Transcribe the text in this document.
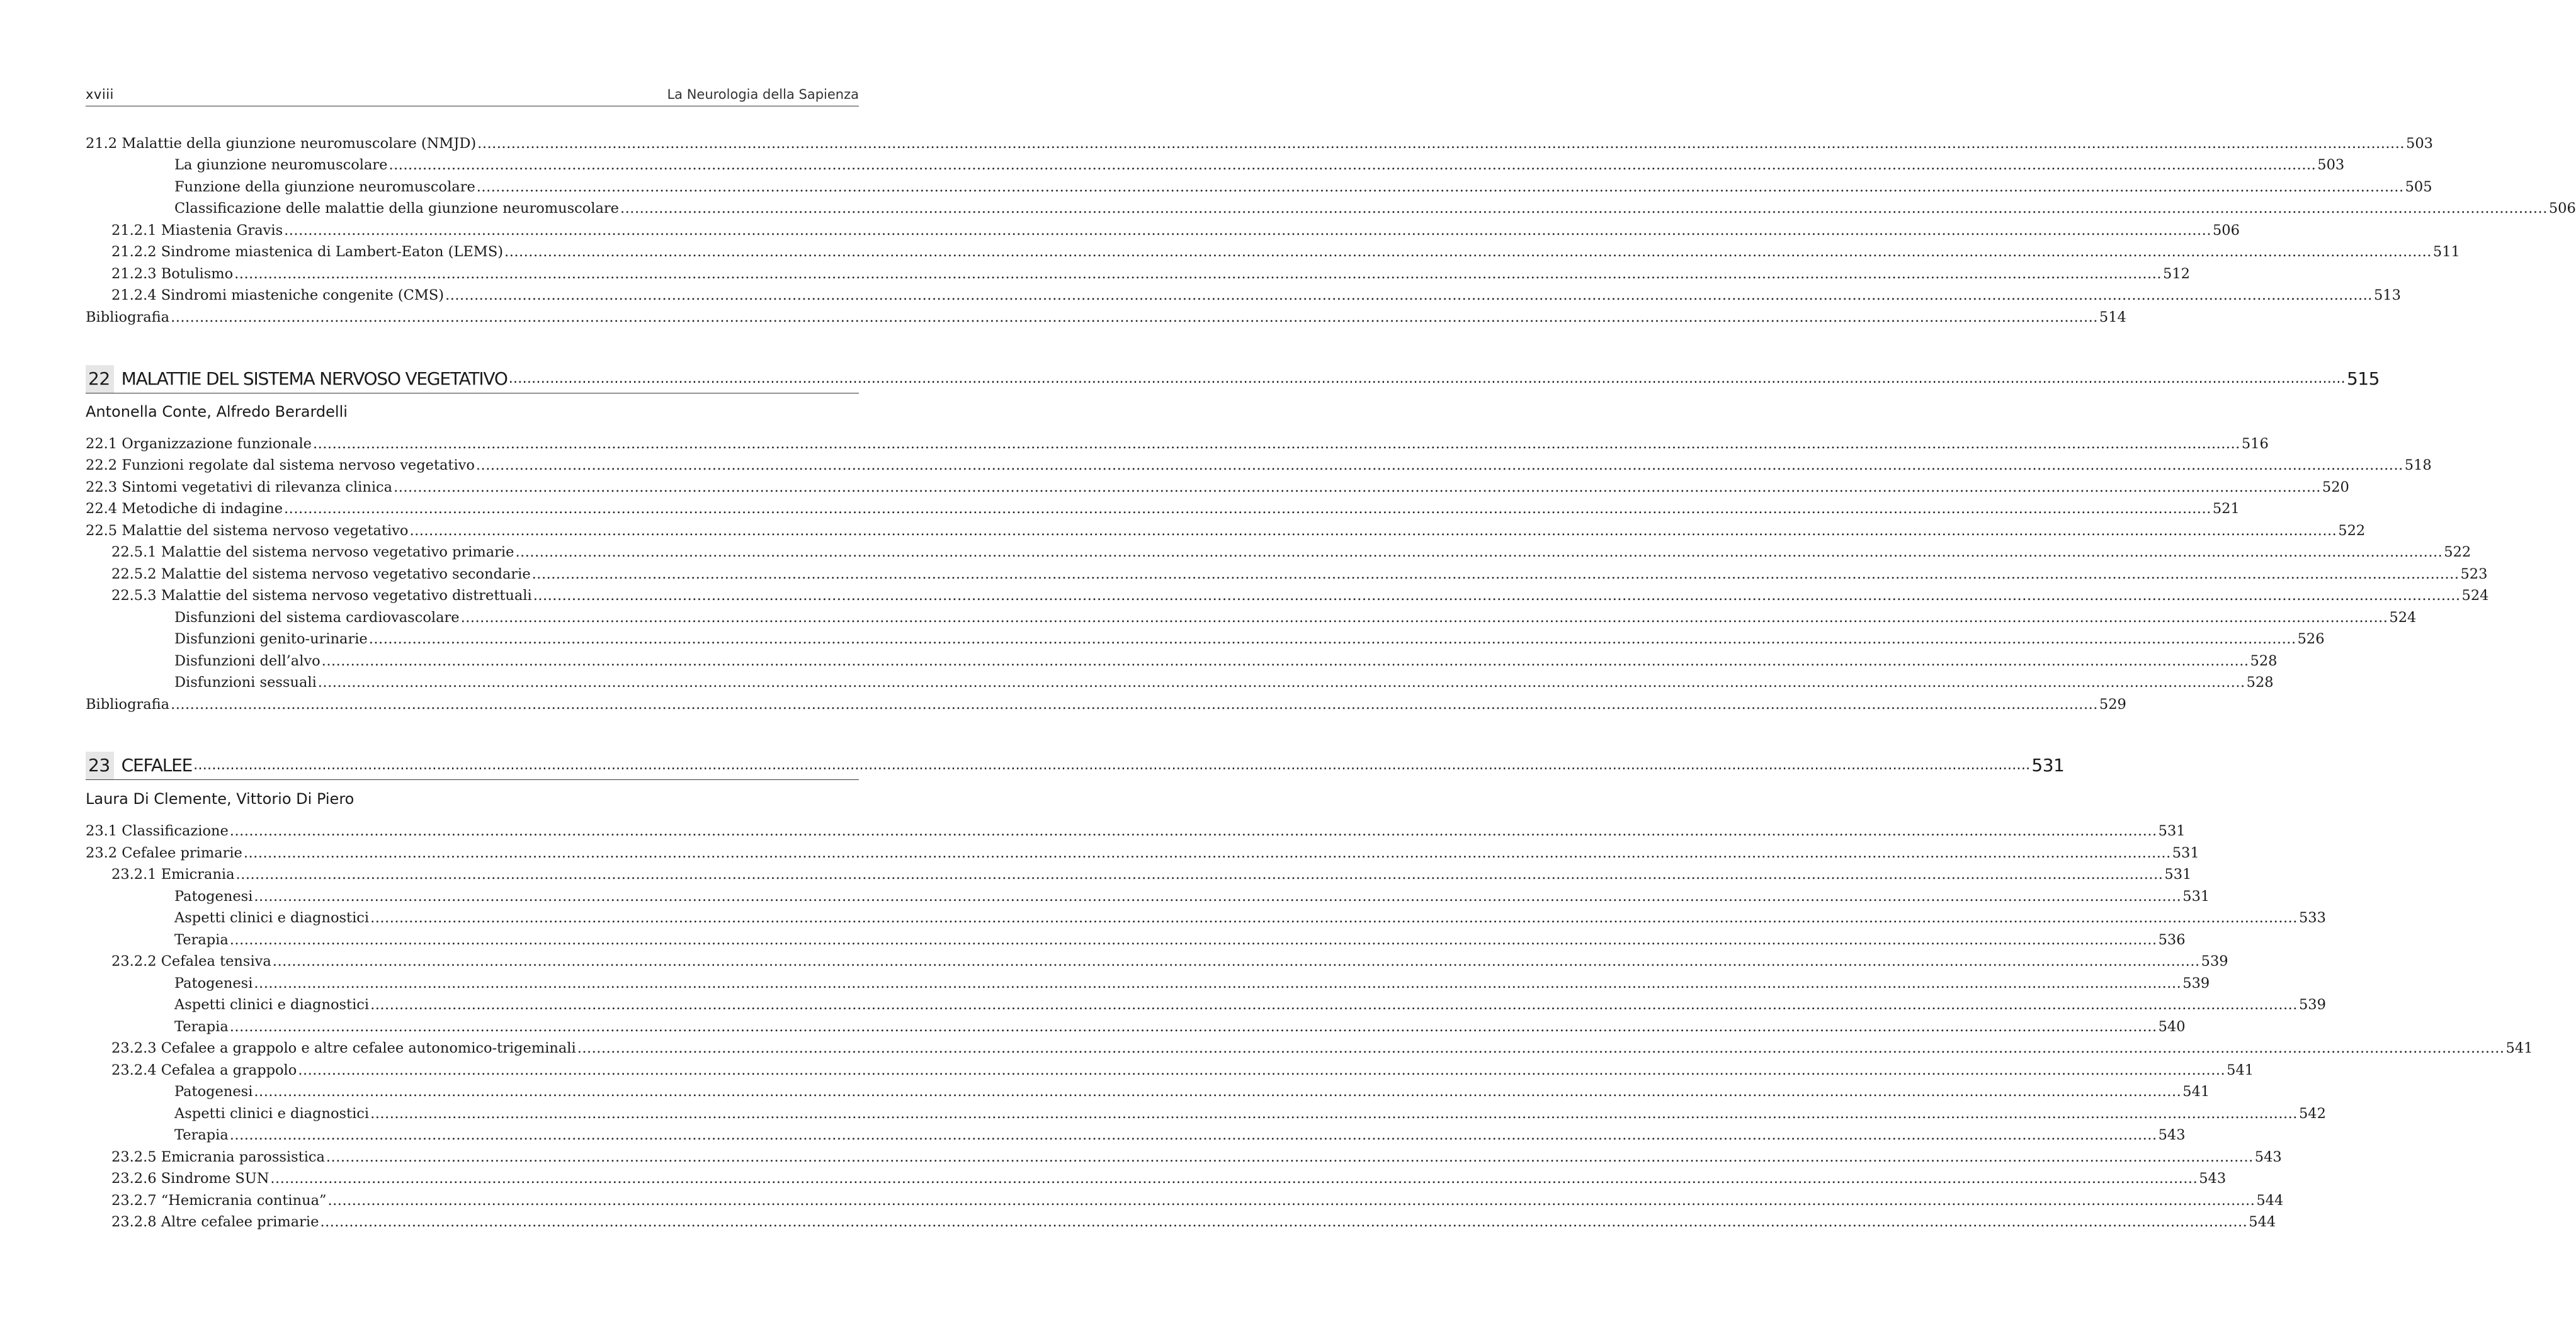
xviii	La Neurologia della Sapienza
21.2 Malattie della giunzione neuromuscolare (NMJD) ................................................................................................................................................................................................................................................................................................................................................................................................................ 503
La giunzione neuromuscolare ................................................................................................................................................................................................................................................................................................................................................................................................................ 503
Funzione della giunzione neuromuscolare ................................................................................................................................................................................................................................................................................................................................................................................................................ 505
Classificazione delle malattie della giunzione neuromuscolare ................................................................................................................................................................................................................................................................................................................................................................................................................ 506
21.2.1 Miastenia Gravis ................................................................................................................................................................................................................................................................................................................................................................................................................ 506
21.2.2 Sindrome miastenica di Lambert-Eaton (LEMS) ................................................................................................................................................................................................................................................................................................................................................................................................................ 511
21.2.3 Botulismo ................................................................................................................................................................................................................................................................................................................................................................................................................ 512
21.2.4 Sindromi miasteniche congenite (CMS) ................................................................................................................................................................................................................................................................................................................................................................................................................ 513
Bibliografia ................................................................................................................................................................................................................................................................................................................................................................................................................ 514
22 MALATTIE DEL SISTEMA NERVOSO VEGETATIVO ................................................................................................................................................................................................................................................................................................................................................................................................................ 515
Antonella Conte, Alfredo Berardelli
22.1 Organizzazione funzionale ................................................................................................................................................................................................................................................................................................................................................................................................................ 516
22.2 Funzioni regolate dal sistema nervoso vegetativo ................................................................................................................................................................................................................................................................................................................................................................................................................ 518
22.3 Sintomi vegetativi di rilevanza clinica ................................................................................................................................................................................................................................................................................................................................................................................................................ 520
22.4 Metodiche di indagine ................................................................................................................................................................................................................................................................................................................................................................................................................ 521
22.5 Malattie del sistema nervoso vegetativo ................................................................................................................................................................................................................................................................................................................................................................................................................ 522
22.5.1 Malattie del sistema nervoso vegetativo primarie ................................................................................................................................................................................................................................................................................................................................................................................................................ 522
22.5.2 Malattie del sistema nervoso vegetativo secondarie ................................................................................................................................................................................................................................................................................................................................................................................................................ 523
22.5.3 Malattie del sistema nervoso vegetativo distrettuali ................................................................................................................................................................................................................................................................................................................................................................................................................ 524
Disfunzioni del sistema cardiovascolare ................................................................................................................................................................................................................................................................................................................................................................................................................ 524
Disfunzioni genito-urinarie ................................................................................................................................................................................................................................................................................................................................................................................................................ 526
Disfunzioni dell’alvo ................................................................................................................................................................................................................................................................................................................................................................................................................ 528
Disfunzioni sessuali ................................................................................................................................................................................................................................................................................................................................................................................................................ 528
Bibliografia ................................................................................................................................................................................................................................................................................................................................................................................................................ 529
23 CEFALEE ................................................................................................................................................................................................................................................................................................................................................................................................................ 531
Laura Di Clemente, Vittorio Di Piero
23.1 Classificazione ................................................................................................................................................................................................................................................................................................................................................................................................................ 531
23.2 Cefalee primarie ................................................................................................................................................................................................................................................................................................................................................................................................................ 531
23.2.1 Emicrania ................................................................................................................................................................................................................................................................................................................................................................................................................ 531
Patogenesi ................................................................................................................................................................................................................................................................................................................................................................................................................ 531
Aspetti clinici e diagnostici ................................................................................................................................................................................................................................................................................................................................................................................................................ 533
Terapia ................................................................................................................................................................................................................................................................................................................................................................................................................ 536
23.2.2 Cefalea tensiva ................................................................................................................................................................................................................................................................................................................................................................................................................ 539
Patogenesi ................................................................................................................................................................................................................................................................................................................................................................................................................ 539
Aspetti clinici e diagnostici ................................................................................................................................................................................................................................................................................................................................................................................................................ 539
Terapia ................................................................................................................................................................................................................................................................................................................................................................................................................ 540
23.2.3 Cefalee a grappolo e altre cefalee autonomico-trigeminali ................................................................................................................................................................................................................................................................................................................................................................................................................ 541
23.2.4 Cefalea a grappolo ................................................................................................................................................................................................................................................................................................................................................................................................................ 541
Patogenesi ................................................................................................................................................................................................................................................................................................................................................................................................................ 541
Aspetti clinici e diagnostici ................................................................................................................................................................................................................................................................................................................................................................................................................ 542
Terapia ................................................................................................................................................................................................................................................................................................................................................................................................................ 543
23.2.5 Emicrania parossistica ................................................................................................................................................................................................................................................................................................................................................................................................................ 543
23.2.6 Sindrome SUN ................................................................................................................................................................................................................................................................................................................................................................................................................ 543
23.2.7 “Hemicrania continua” ................................................................................................................................................................................................................................................................................................................................................................................................................ 544
23.2.8 Altre cefalee primarie ................................................................................................................................................................................................................................................................................................................................................................................................................ 544
